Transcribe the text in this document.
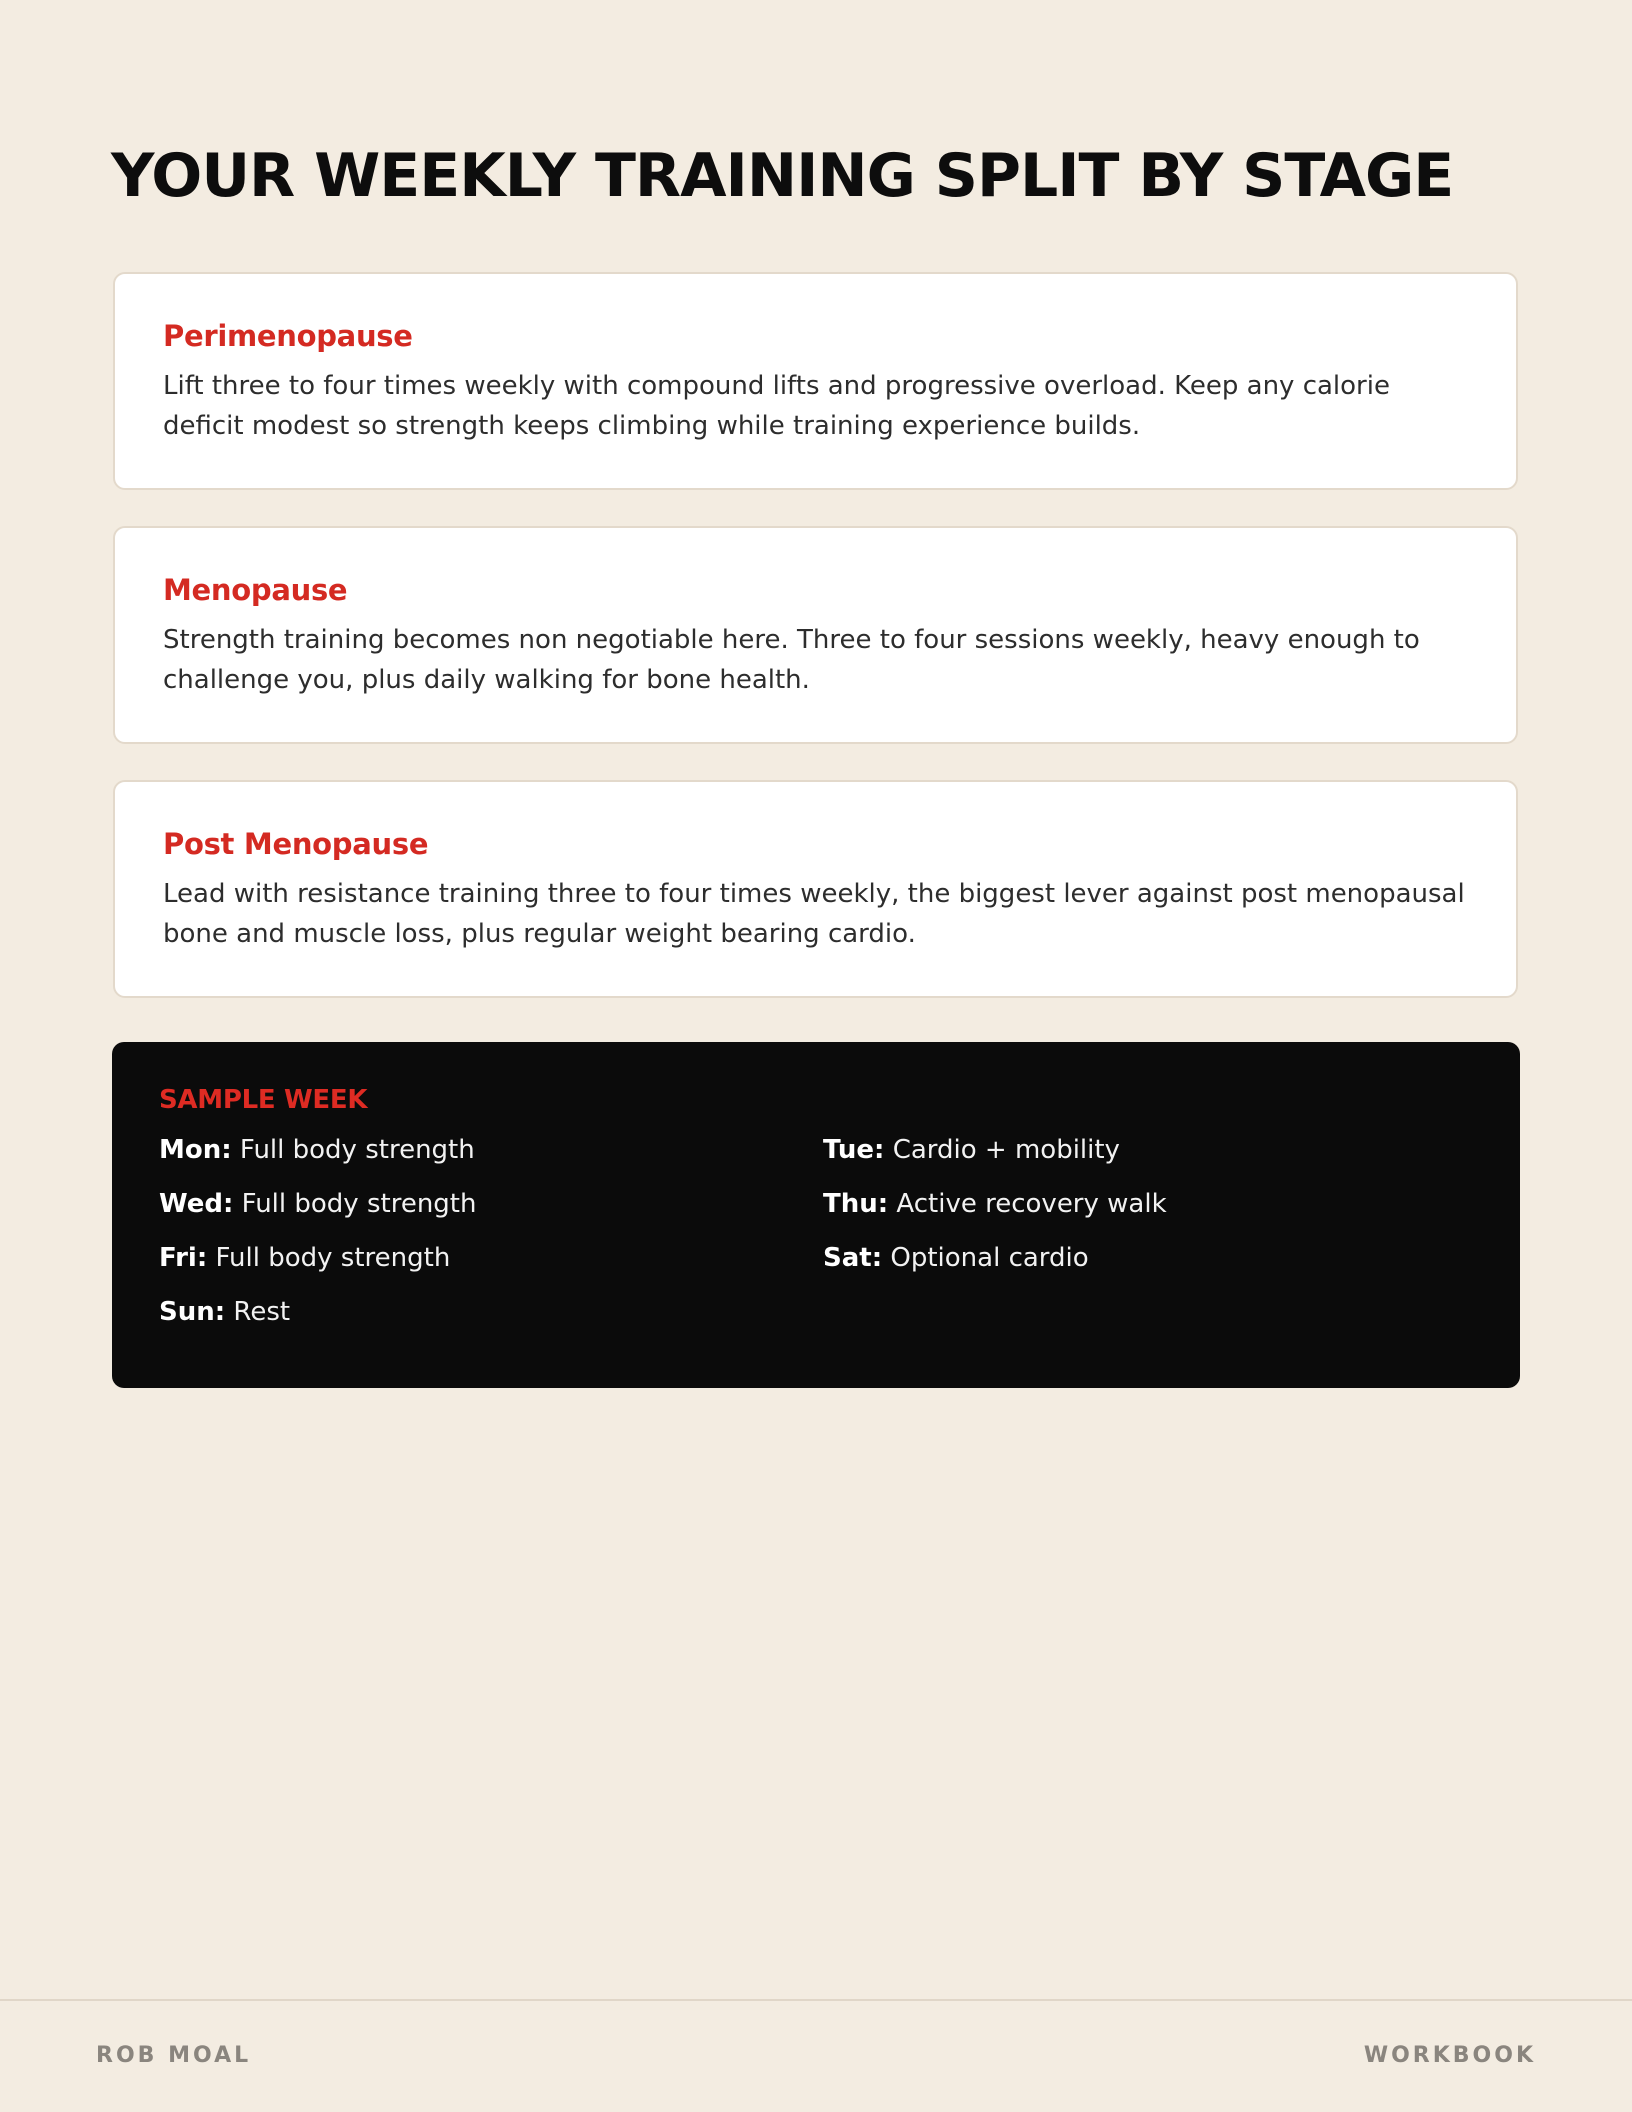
YOUR WEEKLY TRAINING SPLIT BY STAGE
Perimenopause

Lift three to four times weekly with compound lifts and progressive overload. Keep any calorie deficit modest so strength keeps climbing while training experience builds.

Menopause

Strength training becomes non negotiable here. Three to four sessions weekly, heavy enough to challenge you, plus daily walking for bone health.

Post Menopause

Lead with resistance training three to four times weekly, the biggest lever against post menopausal bone and muscle loss, plus regular weight bearing cardio.

SAMPLE WEEK
Mon: Full body strength	Tue: Cardio + mobility
Wed: Full body strength	Thu: Active recovery walk
Fri: Full body strength	Sat: Optional cardio
Sun: Rest
ROB MOAL	WORKBOOK
